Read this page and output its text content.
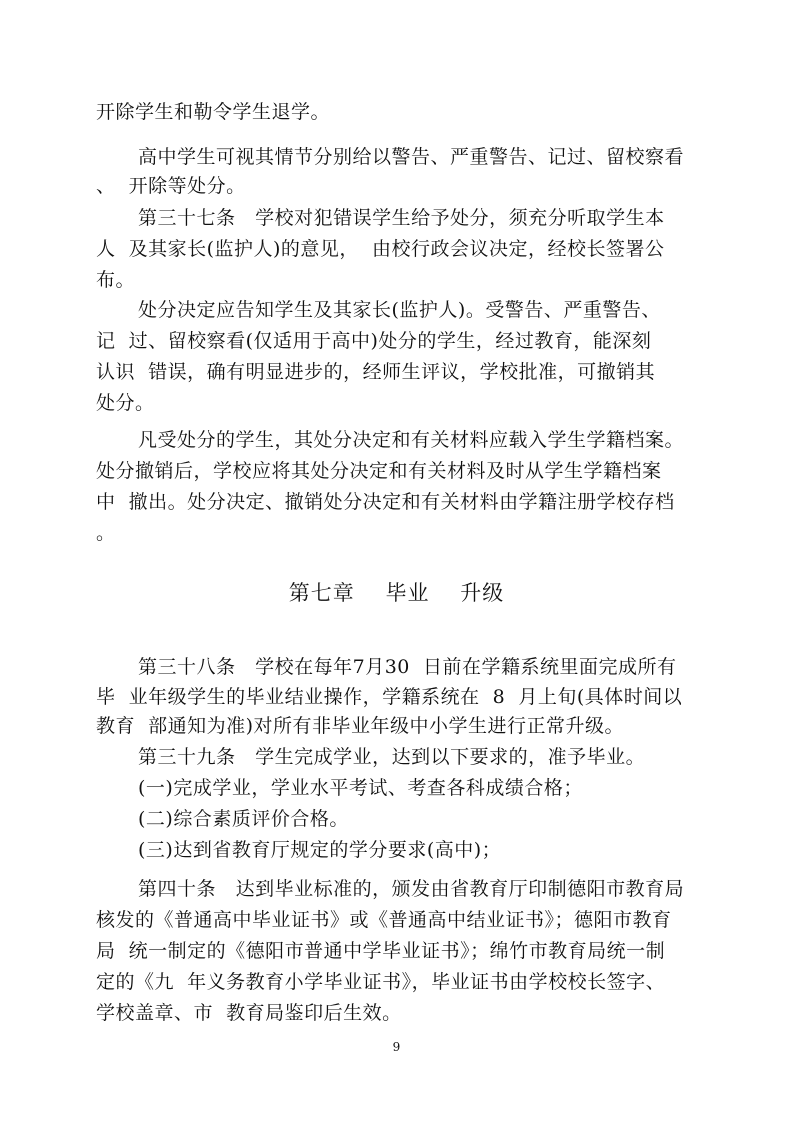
开除学生和勒令学生退学。
高中学生可视其情节分别给以警告、严重警告、记过、留校察看
、  开除等处分。
第三十七条   学校对犯错误学生给予处分，须充分听取学生本
人  及其家长(监护人)的意见，  由校行政会议决定，经校长签署公
布。
处分决定应告知学生及其家长(监护人)。受警告、严重警告、
记  过、留校察看(仅适用于高中)处分的学生，经过教育，能深刻
认识  错误，确有明显进步的，经师生评议，学校批准，可撤销其
处分。
凡受处分的学生，其处分决定和有关材料应载入学生学籍档案。
处分撤销后，学校应将其处分决定和有关材料及时从学生学籍档案
中  撤出。处分决定、撤销处分决定和有关材料由学籍注册学校存档
。
第七章    毕业    升级
第三十八条   学校在每年7月30  日前在学籍系统里面完成所有
毕  业年级学生的毕业结业操作，学籍系统在  8  月上旬(具体时间以
教育  部通知为准)对所有非毕业年级中小学生进行正常升级。
第三十九条   学生完成学业，达到以下要求的，准予毕业。
(一)完成学业，学业水平考试、考查各科成绩合格；
(二)综合素质评价合格。
(三)达到省教育厅规定的学分要求(高中)；
第四十条   达到毕业标准的，颁发由省教育厅印制德阳市教育局
核发的《普通高中毕业证书》或《普通高中结业证书》；德阳市教育
局  统一制定的《德阳市普通中学毕业证书》；绵竹市教育局统一制
定的《九  年义务教育小学毕业证书》，毕业证书由学校校长签字、
学校盖章、市  教育局鉴印后生效。
9
